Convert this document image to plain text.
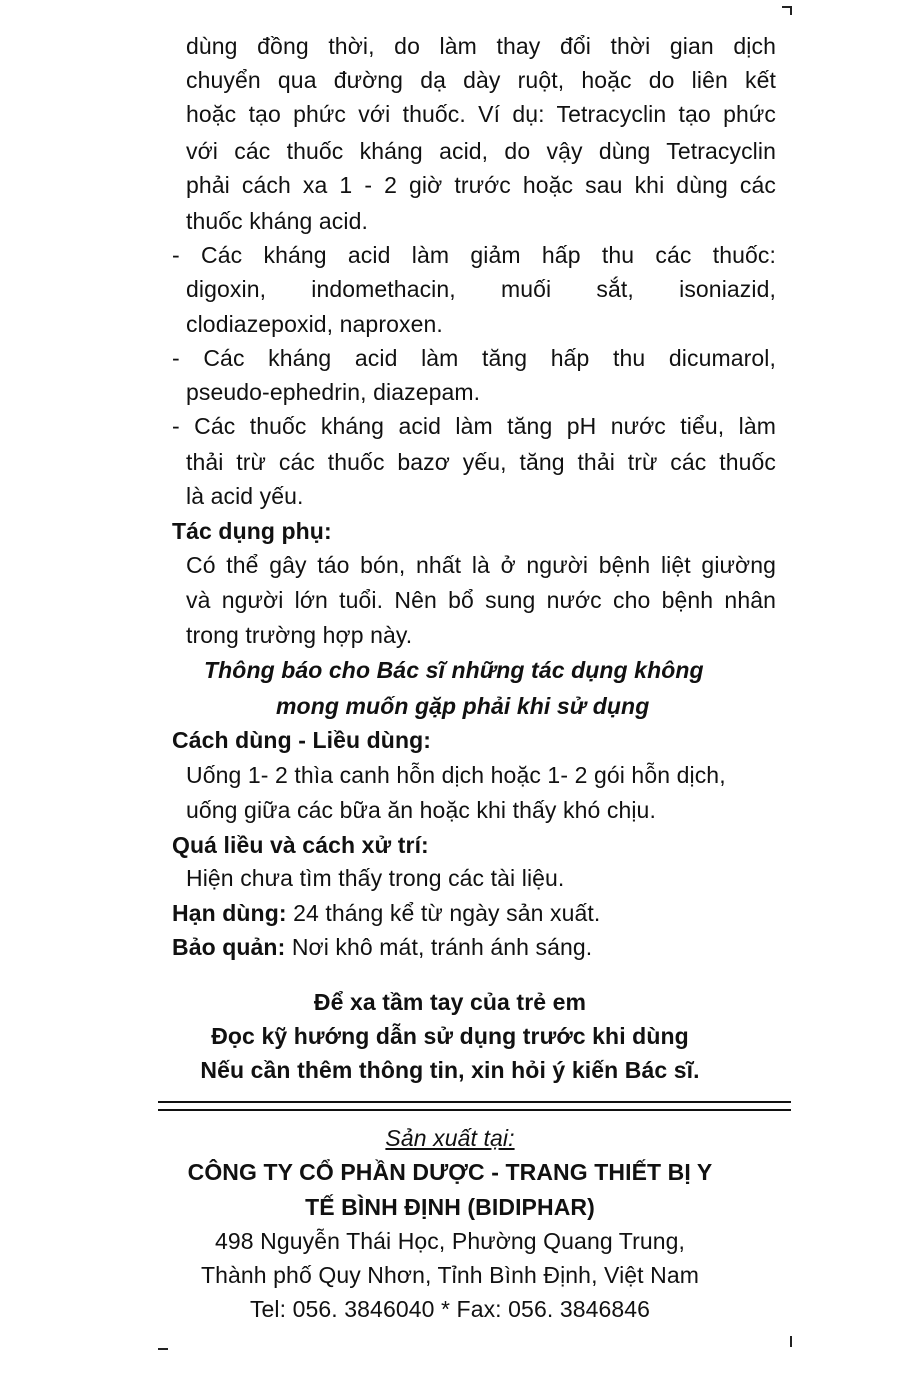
dùng đồng thời, do làm thay đổi thời gian dịch
chuyển qua đường dạ dày ruột, hoặc do liên kết
hoặc tạo phức với thuốc. Ví dụ: Tetracyclin tạo phức
với các thuốc kháng acid, do vậy dùng Tetracyclin
phải cách xa 1 - 2 giờ trước hoặc sau khi dùng các
thuốc kháng acid.
- Các kháng acid làm giảm hấp thu các thuốc:
digoxin, indomethacin, muối sắt, isoniazid,
clodiazepoxid, naproxen.
- Các kháng acid làm tăng hấp thu dicumarol,
pseudo-ephedrin, diazepam.
- Các thuốc kháng acid làm tăng pH nước tiểu, làm
thải trừ các thuốc bazơ yếu, tăng thải trừ các thuốc
là acid yếu.
Tác dụng phụ:
Có thể gây táo bón, nhất là ở người bệnh liệt giường
và người lớn tuổi. Nên bổ sung nước cho bệnh nhân
trong trường hợp này.
Thông báo cho Bác sĩ những tác dụng không
mong muốn gặp phải khi sử dụng
Cách dùng - Liều dùng:
Uống 1- 2 thìa canh hỗn dịch hoặc 1- 2 gói hỗn dịch,
uống giữa các bữa ăn hoặc khi thấy khó chịu.
Quá liều và cách xử trí:
Hiện chưa tìm thấy trong các tài liệu.
Hạn dùng: 24 tháng kể từ ngày sản xuất.
Bảo quản: Nơi khô mát, tránh ánh sáng.
Để xa tầm tay của trẻ em
Đọc kỹ hướng dẫn sử dụng trước khi dùng
Nếu cần thêm thông tin, xin hỏi ý kiến Bác sĩ.
Sản xuất tại:
CÔNG TY CỔ PHẦN DƯỢC - TRANG THIẾT BỊ Y
TẾ BÌNH ĐỊNH (BIDIPHAR)
498 Nguyễn Thái Học, Phường Quang Trung,
Thành phố Quy Nhơn, Tỉnh Bình Định, Việt Nam
Tel: 056. 3846040 * Fax: 056. 3846846
